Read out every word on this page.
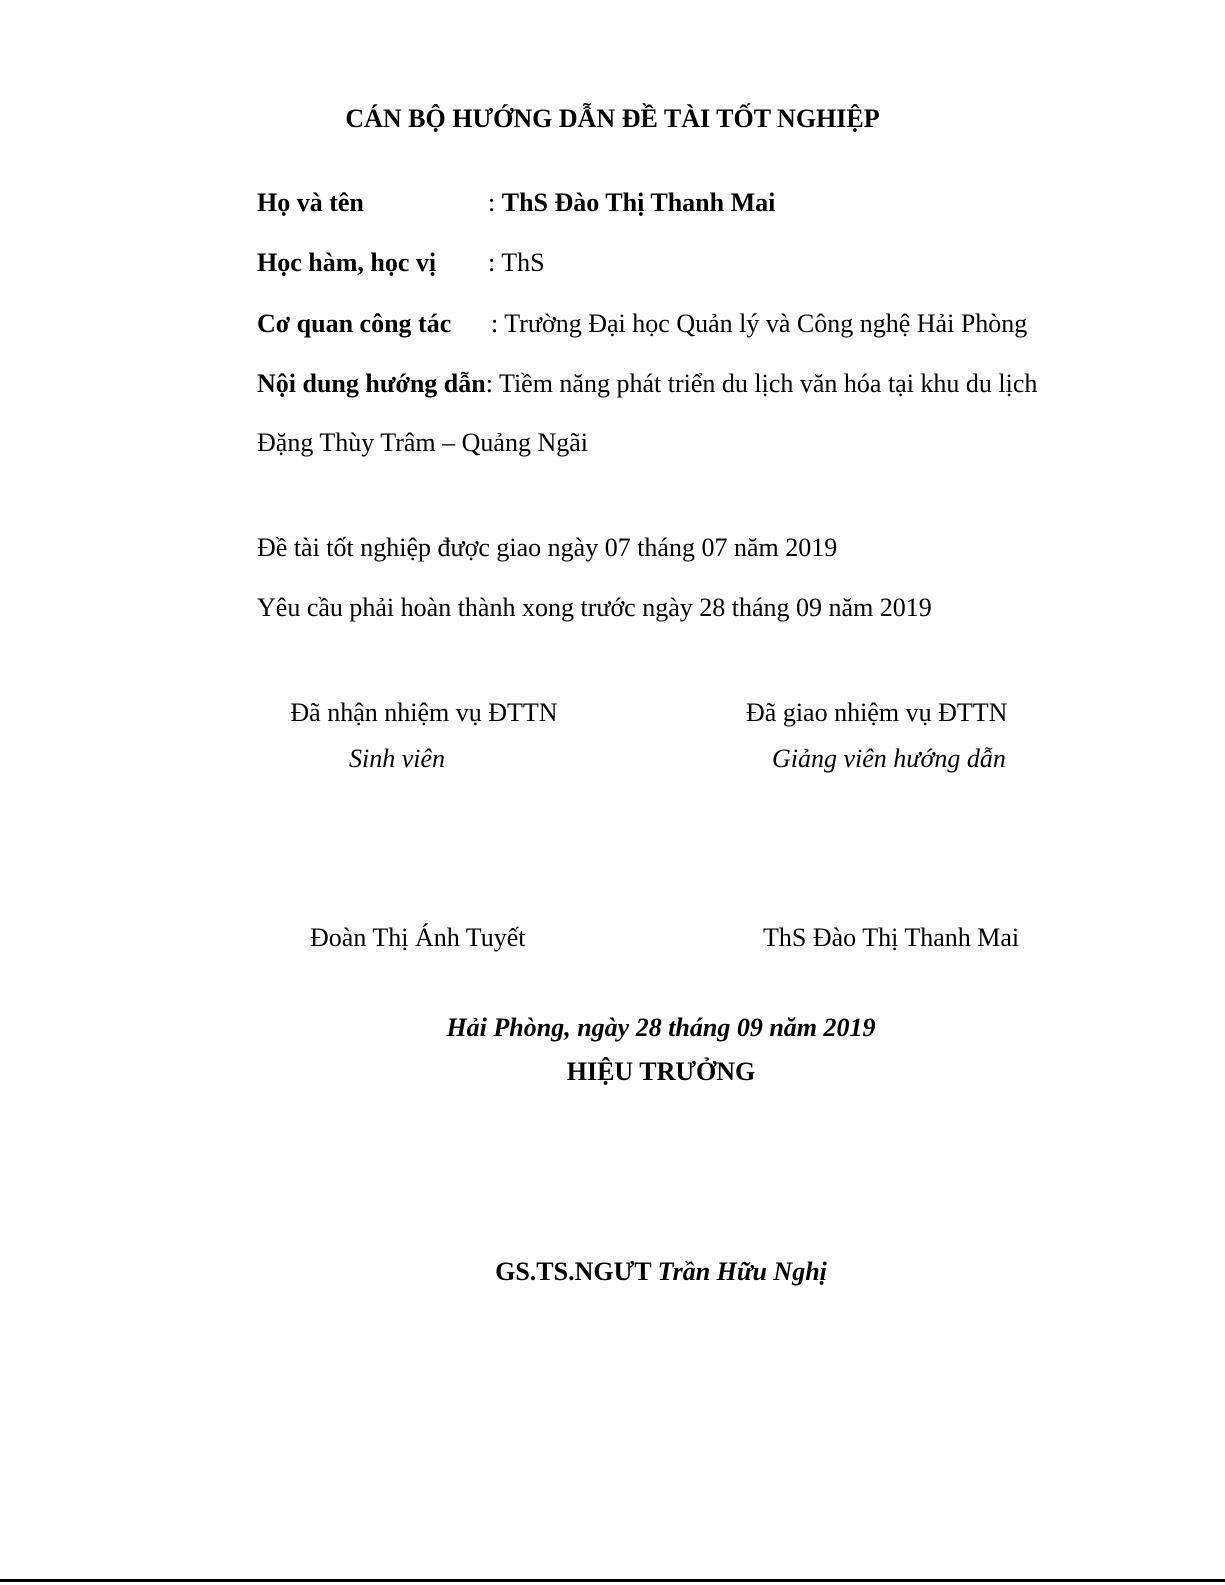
CÁN BỘ HƯỚNG DẪN ĐỀ TÀI TỐT NGHIỆP
Họ và tên	: ThS Đào Thị Thanh Mai
Học hàm, học vị : ThS
Cơ quan công tác : Trường Đại học Quản lý và Công nghệ Hải Phòng
Nội dung hướng dẫn: Tiềm năng phát triển du lịch văn hóa tại khu du lịch
Đặng Thùy Trâm – Quảng Ngãi
Đề tài tốt nghiệp được giao ngày 07 tháng 07 năm 2019
Yêu cầu phải hoàn thành xong trước ngày 28 tháng 09 năm 2019
Đã nhận nhiệm vụ ĐTTN
Sinh viên
Đoàn Thị Ánh Tuyết
Đã giao nhiệm vụ ĐTTN
Giảng viên hướng dẫn
ThS Đào Thị Thanh Mai
Hải Phòng, ngày 28 tháng 09 năm 2019
HIỆU TRƯỞNG
GS.TS.NGƯT Trần Hữu Nghị
